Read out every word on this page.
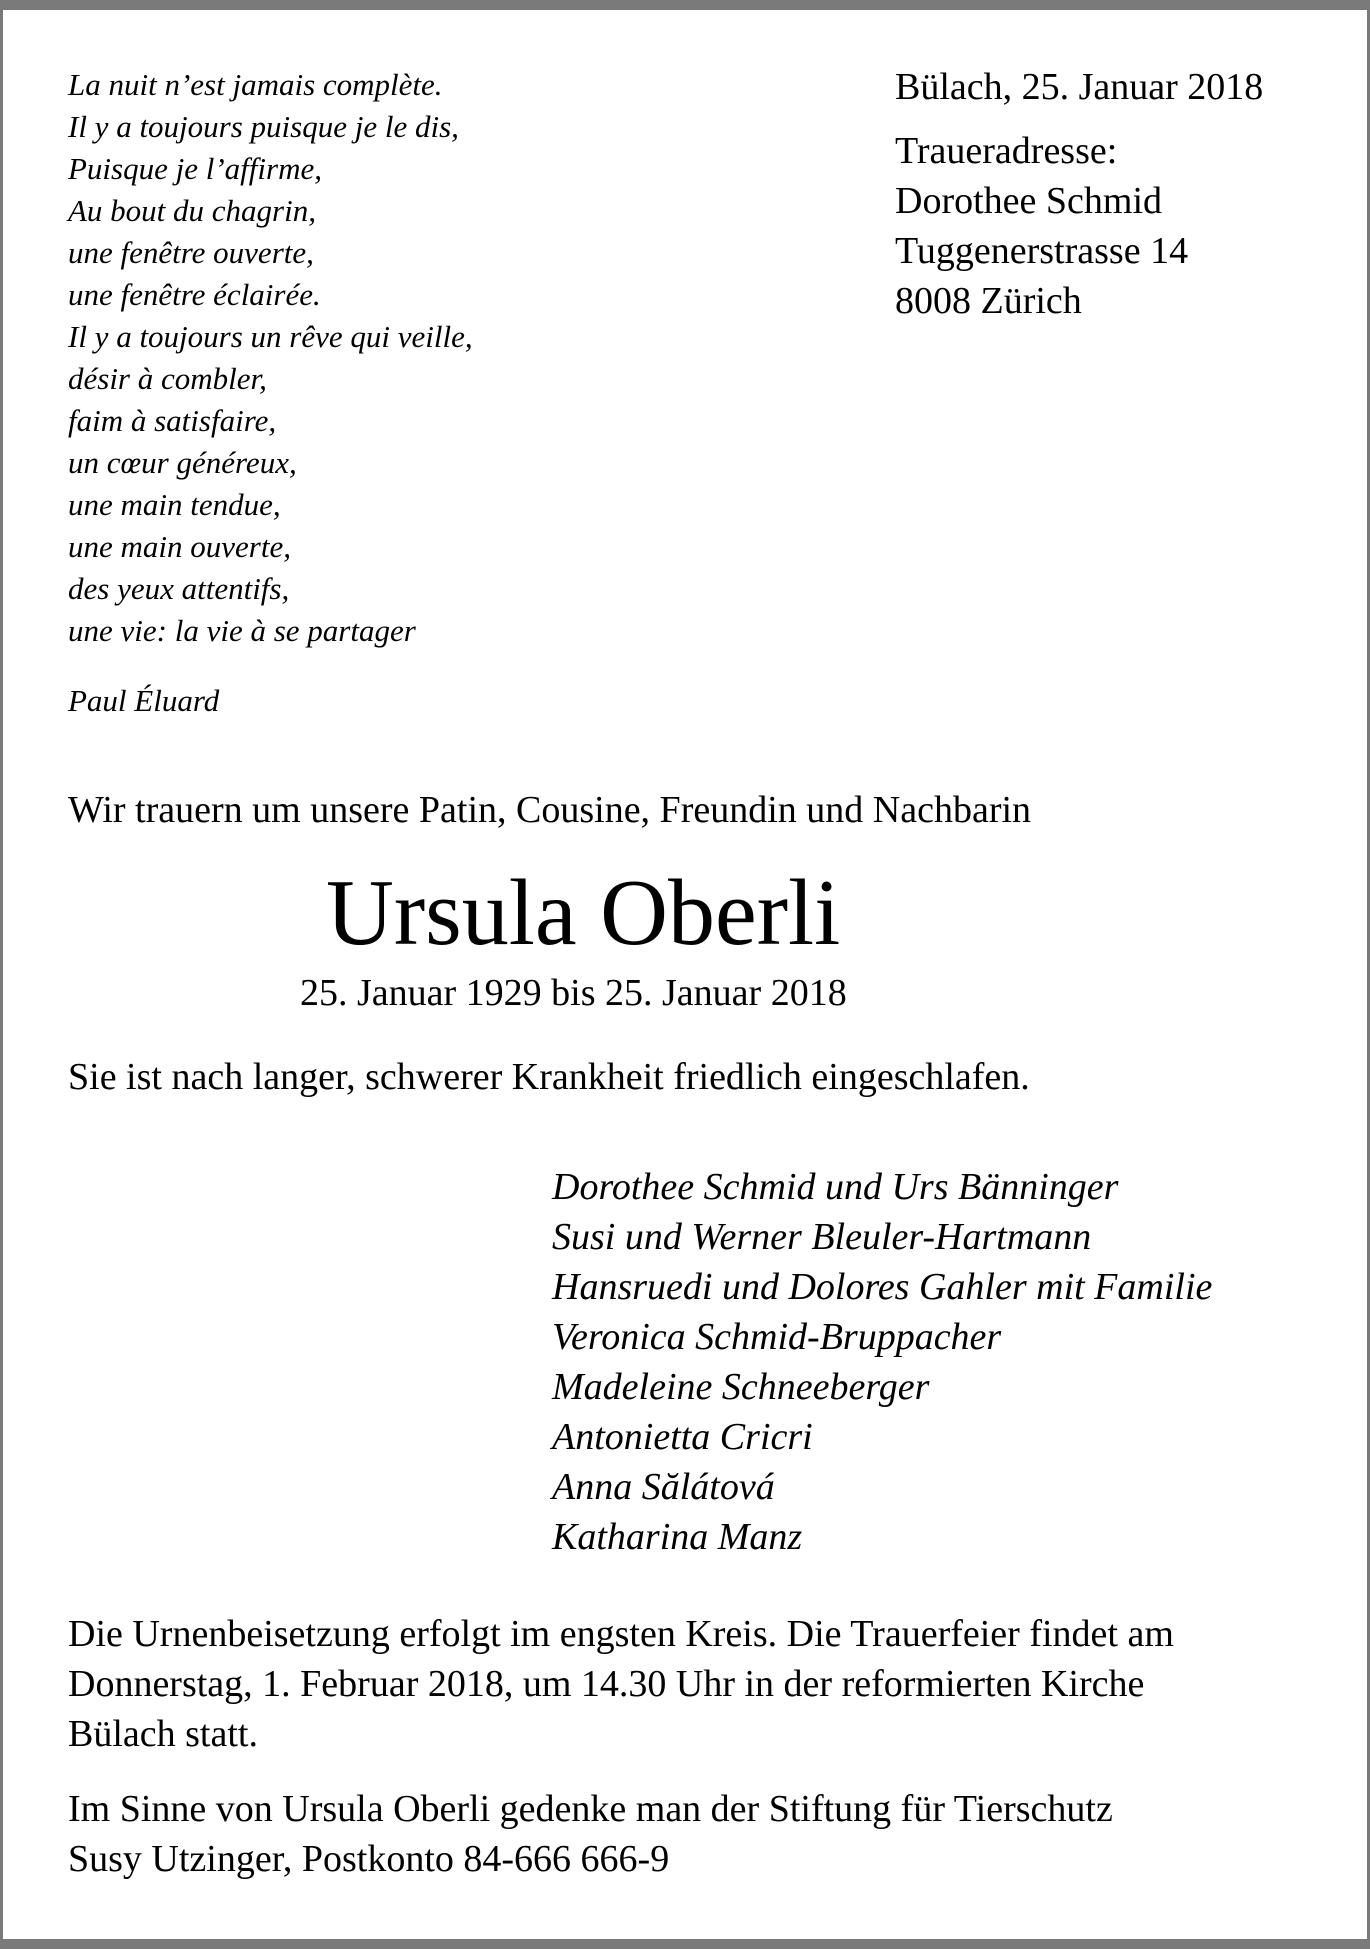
La nuit n’est jamais complète.
Il y a toujours puisque je le dis,
Puisque je l’affirme,
Au bout du chagrin,
une fenêtre ouverte,
une fenêtre éclairée.
Il y a toujours un rêve qui veille,
désir à combler,
faim à satisfaire,
un cœur généreux,
une main tendue,
une main ouverte,
des yeux attentifs,
une vie: la vie à se partager
Paul Éluard
Bülach, 25. Januar 2018
Traueradresse:
Dorothee Schmid
Tuggenerstrasse 14
8008 Zürich
Wir trauern um unsere Patin, Cousine, Freundin und Nachbarin
Ursula Oberli
25. Januar 1929 bis 25. Januar 2018
Sie ist nach langer, schwerer Krankheit friedlich eingeschlafen.
Dorothee Schmid und Urs Bänninger
Susi und Werner Bleuler-Hartmann
Hansruedi und Dolores Gahler mit Familie
Veronica Schmid-Bruppacher
Madeleine Schneeberger
Antonietta Cricri
Anna Sălátová
Katharina Manz
Die Urnenbeisetzung erfolgt im engsten Kreis. Die Trauerfeier findet am
Donnerstag, 1. Februar 2018, um 14.30 Uhr in der reformierten Kirche
Bülach statt.
Im Sinne von Ursula Oberli gedenke man der Stiftung für Tierschutz
Susy Utzinger, Postkonto 84-666 666-9
